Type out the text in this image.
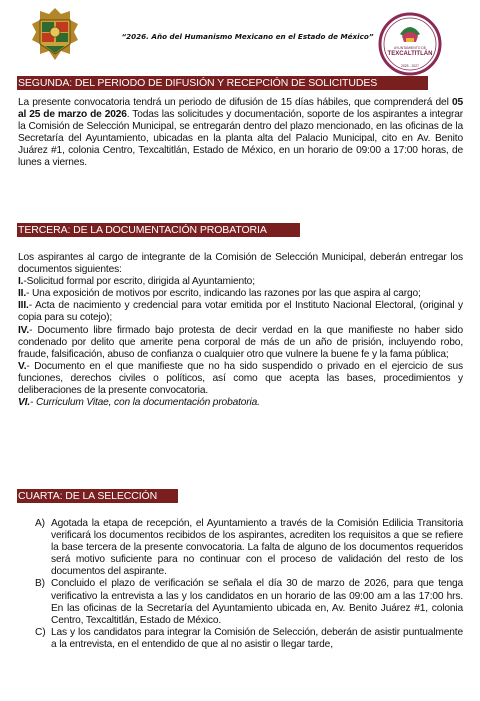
“2026. Año del Humanismo Mexicano en el Estado de México”
AYUNTAMIENTO DE
TEXCALTITLÁN
2025 - 2027
SEGUNDA: DEL PERIODO DE DIFUSIÓN Y RECEPCIÓN DE SOLICITUDES
La presente convocatoria tendrá un periodo de difusión de 15 días hábiles, que comprenderá del 05 al 25 de marzo de 2026. Todas las solicitudes y documentación, soporte de los aspirantes a integrar la Comisión de Selección Municipal, se entregarán dentro del plazo mencionado, en las oficinas de la Secretaría del Ayuntamiento, ubicadas en la planta alta del Palacio Municipal, cito en Av. Benito Juárez #1, colonia Centro, Texcaltitlán, Estado de México, en un horario de 09:00 a 17:00 horas, de lunes a viernes.
TERCERA: DE LA DOCUMENTACIÓN PROBATORIA
Los aspirantes al cargo de integrante de la Comisión de Selección Municipal, deberán entregar los documentos siguientes:
I.-Solicitud formal por escrito, dirigida al Ayuntamiento;
II.- Una exposición de motivos por escrito, indicando las razones por las que aspira al cargo;
III.- Acta de nacimiento y credencial para votar emitida por el Instituto Nacional Electoral, (original y copia para su cotejo);
IV.- Documento libre firmado bajo protesta de decir verdad en la que manifieste no haber sido condenado por delito que amerite pena corporal de más de un año de prisión, incluyendo robo, fraude, falsificación, abuso de confianza o cualquier otro que vulnere la buene fe y la fama pública;
V.- Documento en el que manifieste que no ha sido suspendido o privado en el ejercicio de sus funciones, derechos civiles o políticos, así como que acepta las bases, procedimientos y deliberaciones de la presente convocatoria.
VI.- Curriculum Vitae, con la documentación probatoria.
CUARTA: DE LA SELECCIÓN
A) Agotada la etapa de recepción, el Ayuntamiento a través de la Comisión Edilicia Transitoria verificará los documentos recibidos de los aspirantes, acrediten los requisitos a que se refiere la base tercera de la presente convocatoria. La falta de alguno de los documentos requeridos será motivo suficiente para no continuar con el proceso de validación del resto de los documentos del aspirante.
B) Concluido el plazo de verificación se señala el día 30 de marzo de 2026, para que tenga verificativo la entrevista a las y los candidatos en un horario de las 09:00 am a las 17:00 hrs. En las oficinas de la Secretaría del Ayuntamiento ubicada en, Av. Benito Juárez #1, colonia Centro, Texcaltitlán, Estado de México.
C) Las y los candidatos para integrar la Comisión de Selección, deberán de asistir puntualmente a la entrevista, en el entendido de que al no asistir o llegar tarde,
